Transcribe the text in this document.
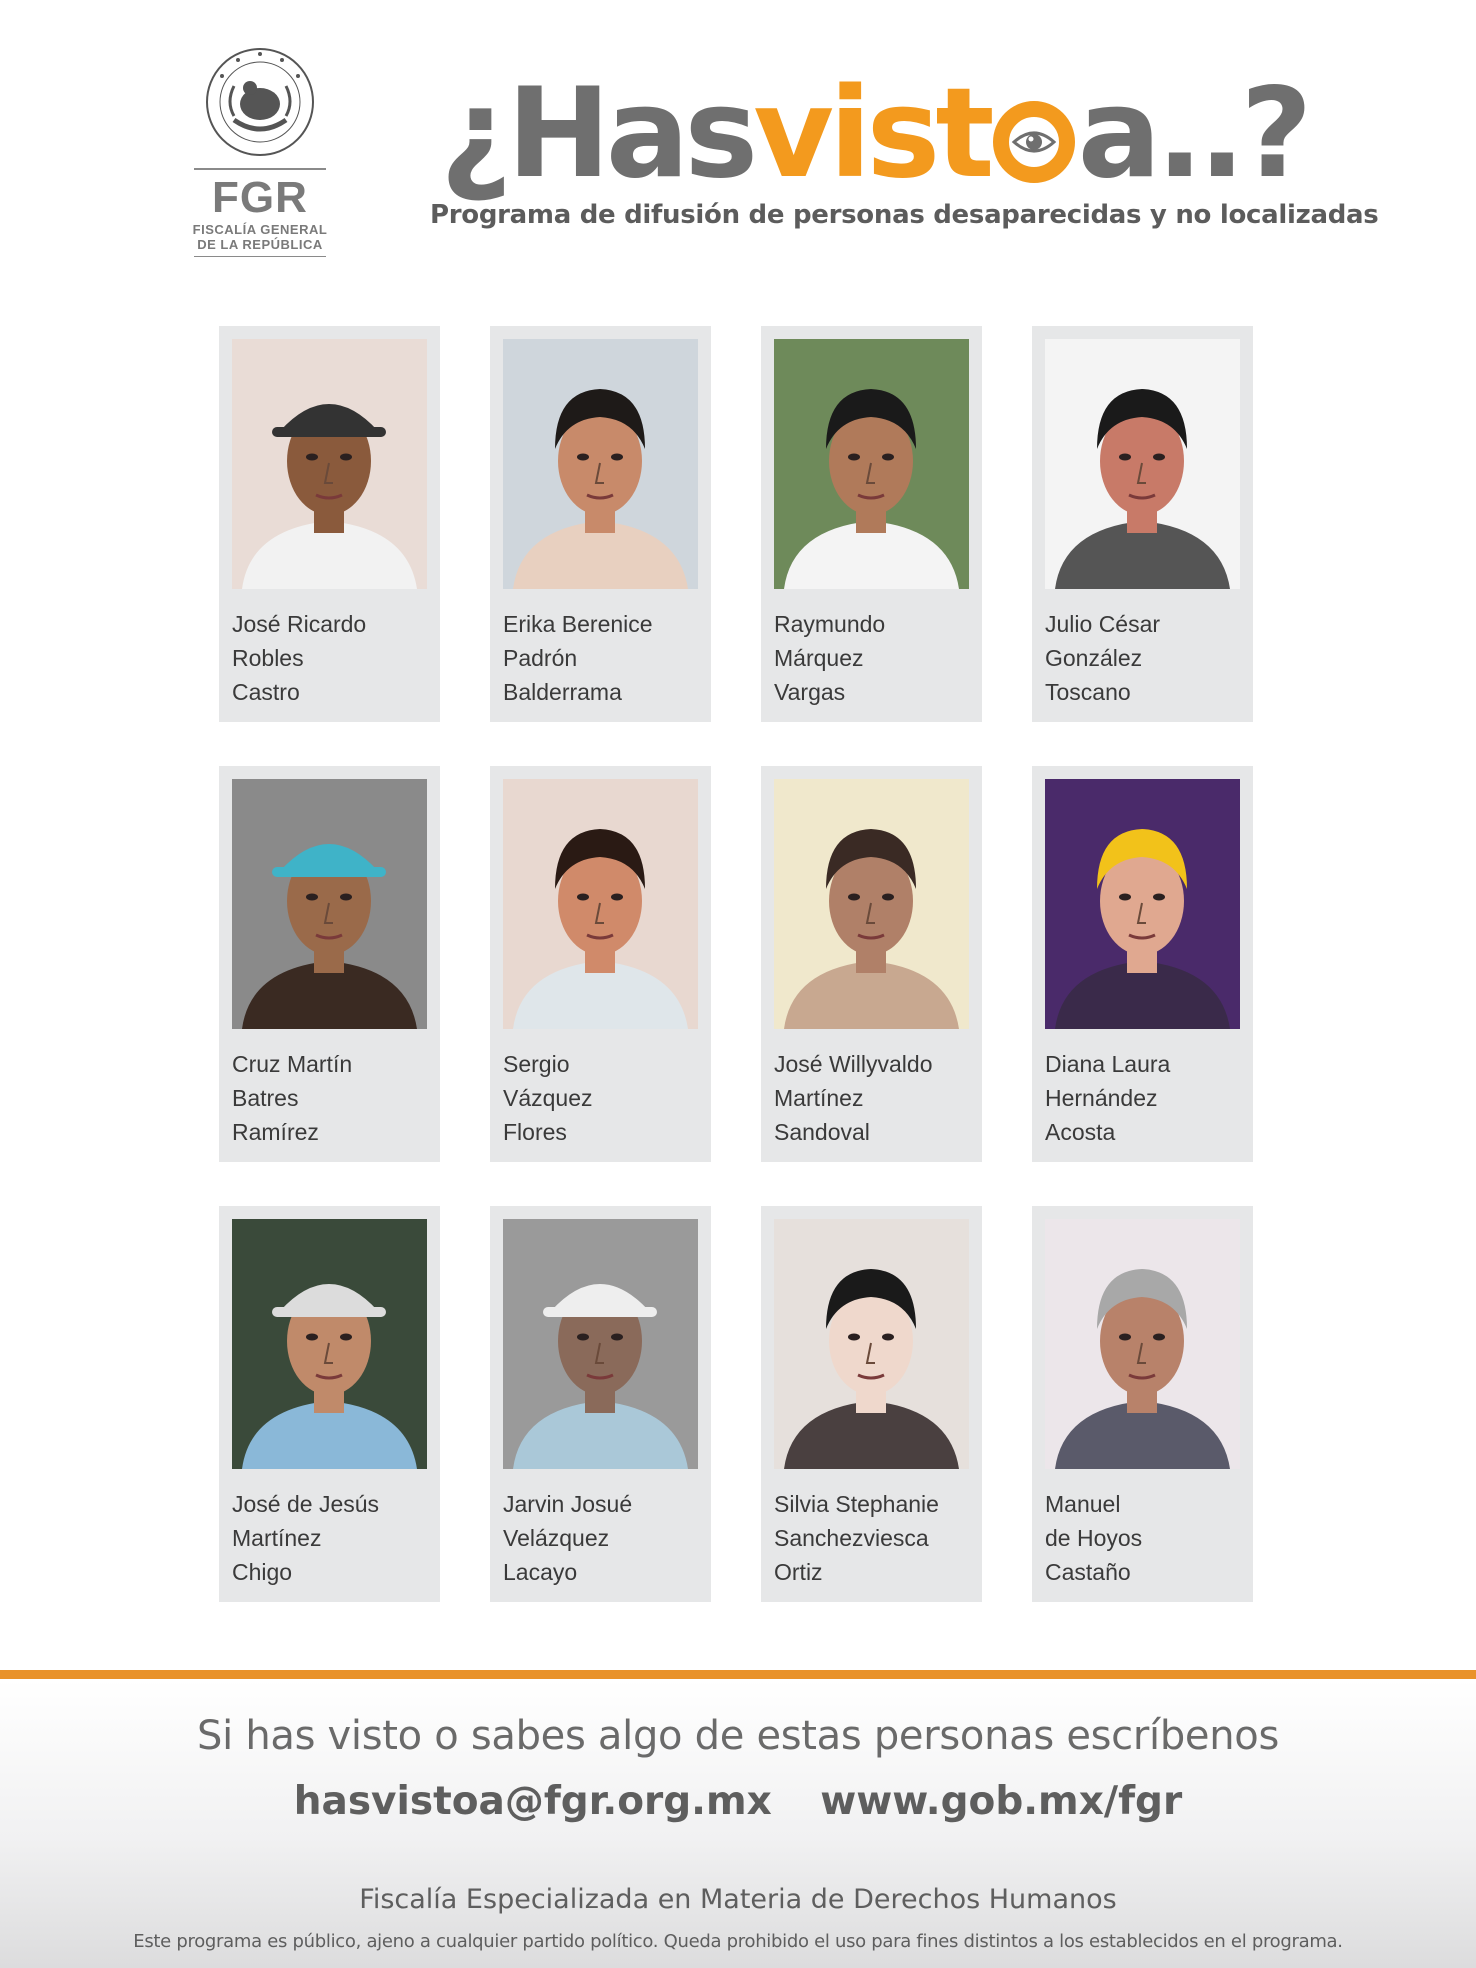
FGR
FISCALÍA GENERAL
DE LA REPÚBLICA
¿Hasvist a..?
Programa de difusión de personas desaparecidas y no localizadas
José Ricardo
Robles
Castro
Erika Berenice
Padrón
Balderrama
Raymundo
Márquez
Vargas
Julio César
González
Toscano
Cruz Martín
Batres
Ramírez
Sergio
Vázquez
Flores
José Willyvaldo
Martínez
Sandoval
Diana Laura
Hernández
Acosta
José de Jesús
Martínez
Chigo
Jarvin Josué
Velázquez
Lacayo
Silvia Stephanie
Sanchezviesca
Ortiz
Manuel
de Hoyos
Castaño
Si has visto o sabes algo de estas personas escríbenos
hasvistoa@fgr.org.mx www.gob.mx/fgr
Fiscalía Especializada en Materia de Derechos Humanos
Este programa es público, ajeno a cualquier partido político. Queda prohibido el uso para fines distintos a los establecidos en el programa.
